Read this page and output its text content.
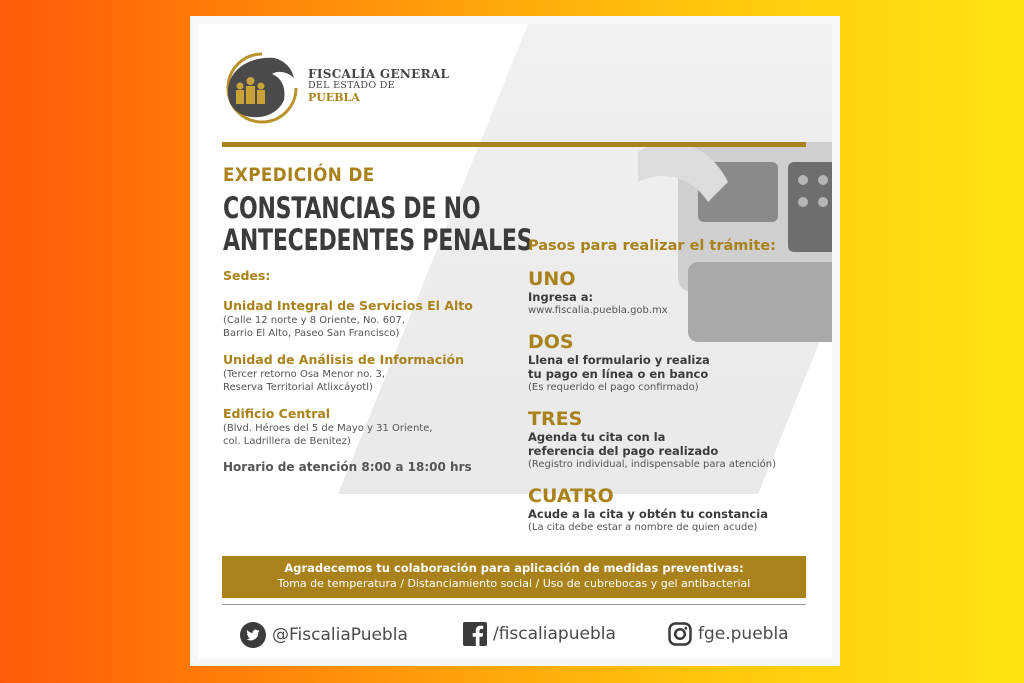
FISCALÍA GENERAL
DEL ESTADO DE
PUEBLA
EXPEDICIÓN DE
CONSTANCIAS DE NO
ANTECEDENTES PENALES
Sedes:
Unidad Integral de Servicios El Alto
(Calle 12 norte y 8 Oriente, No. 607,
Barrio El Alto, Paseo San Francisco)
Unidad de Análisis de Información
(Tercer retorno Osa Menor no. 3,
Reserva Territorial Atlixcáyotl)
Edificio Central
(Blvd. Héroes del 5 de Mayo y 31 Oriente,
col. Ladrillera de Benitez)
Horario de atención 8:00 a 18:00 hrs
Pasos para realizar el trámite:
UNO
Ingresa a:
www.fiscalia.puebla.gob.mx
DOS
Llena el formulario y realiza
tu pago en línea o en banco
(Es requerido el pago confirmado)
TRES
Agenda tu cita con la
referencia del pago realizado
(Registro individual, indispensable para atención)
CUATRO
Acude a la cita y obtén tu constancia
(La cita debe estar a nombre de quien acude)
Agradecemos tu colaboración para aplicación de medidas preventivas:
Toma de temperatura / Distanciamiento social / Uso de cubrebocas y gel antibacterial
@FiscaliaPuebla	/fiscaliapuebla	fge.puebla
